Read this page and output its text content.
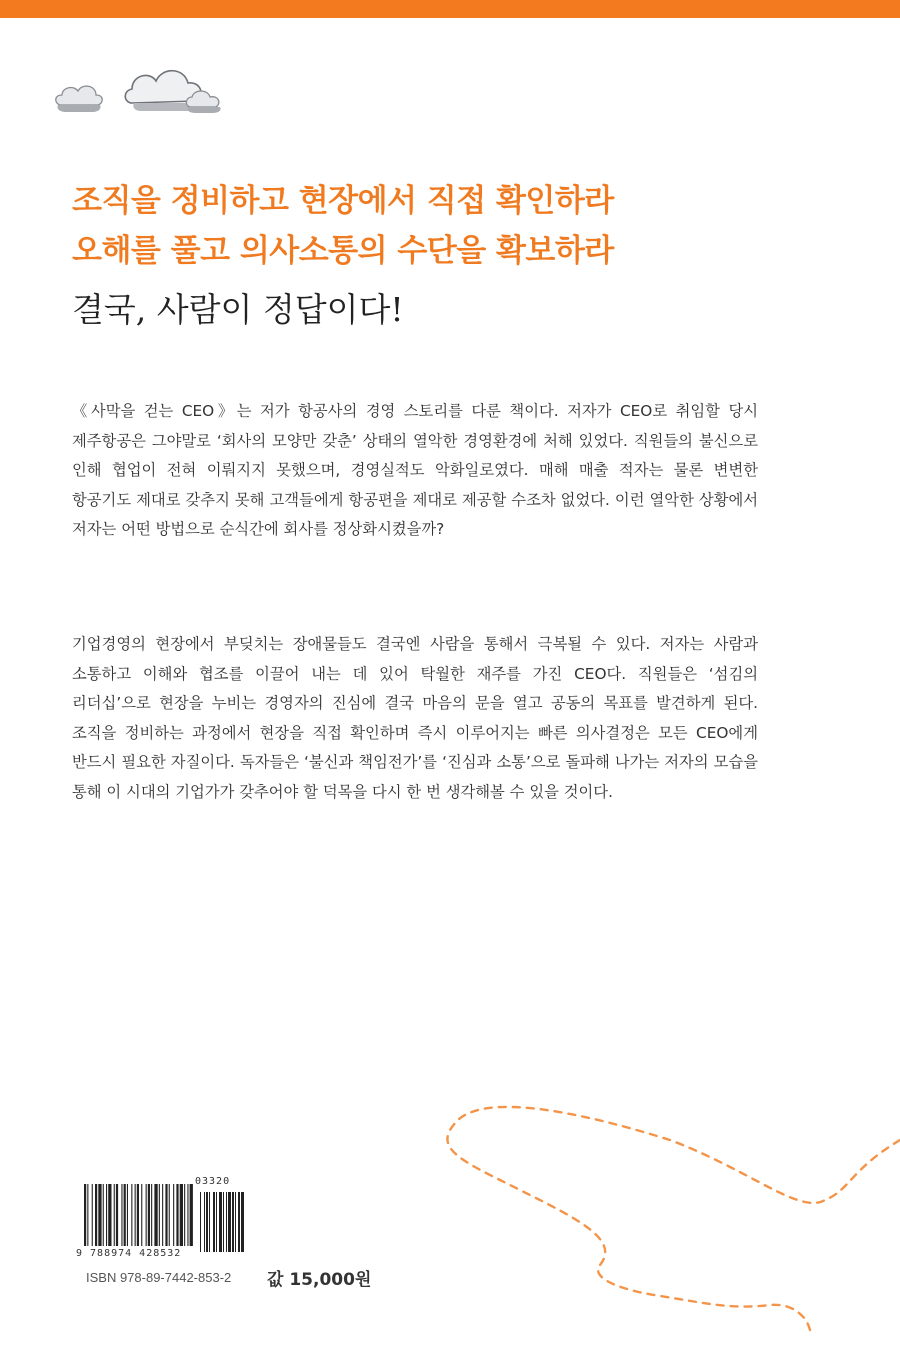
조직을 정비하고 현장에서 직접 확인하라
오해를 풀고 의사소통의 수단을 확보하라
결국, 사람이 정답이다!
《사막을 걷는 CEO》는 저가 항공사의 경영 스토리를 다룬 책이다. 저자가 CEO로 취임할 당시 제주항공은 그야말로 ‘회사의 모양만 갖춘’ 상태의 열악한 경영환경에 처해 있었다. 직원들의 불신으로 인해 협업이 전혀 이뤄지지 못했으며, 경영실적도 악화일로였다. 매해 매출 적자는 물론 변변한 항공기도 제대로 갖추지 못해 고객들에게 항공편을 제대로 제공할 수조차 없었다. 이런 열악한 상황에서 저자는 어떤 방법으로 순식간에 회사를 정상화시켰을까?
기업경영의 현장에서 부딪치는 장애물들도 결국엔 사람을 통해서 극복될 수 있다. 저자는 사람과 소통하고 이해와 협조를 이끌어 내는 데 있어 탁월한 재주를 가진 CEO다. 직원들은 ‘섬김의 리더십’으로 현장을 누비는 경영자의 진심에 결국 마음의 문을 열고 공동의 목표를 발견하게 된다. 조직을 정비하는 과정에서 현장을 직접 확인하며 즉시 이루어지는 빠른 의사결정은 모든 CEO에게 반드시 필요한 자질이다. 독자들은 ‘불신과 책임전가’를 ‘진심과 소통’으로 돌파해 나가는 저자의 모습을 통해 이 시대의 기업가가 갖추어야 할 덕목을 다시 한 번 생각해볼 수 있을 것이다.
03320
9 788974 428532
ISBN 978-89-7442-853-2 값 15,000원
